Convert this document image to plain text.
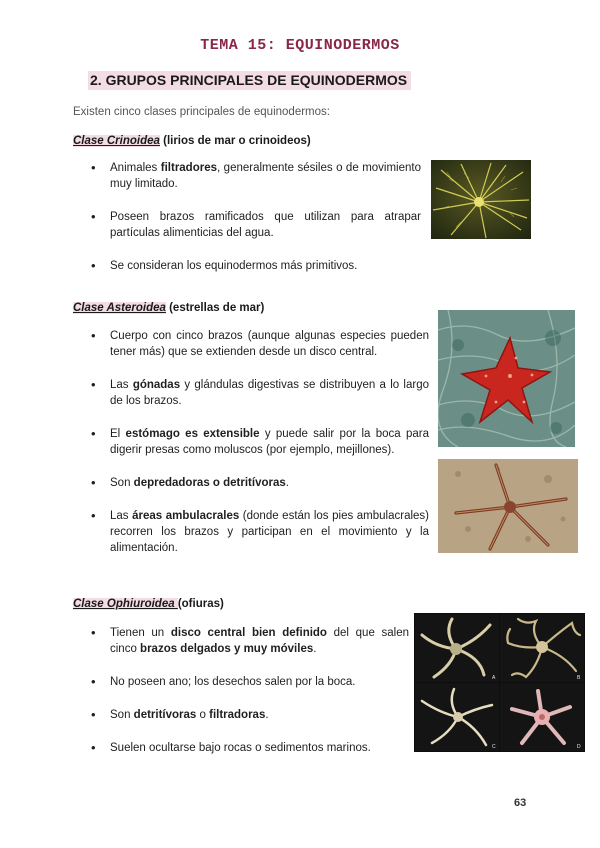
TEMA 15: EQUINODERMOS
2. GRUPOS PRINCIPALES DE EQUINODERMOS
Existen cinco clases principales de equinodermos:
Clase Crinoidea (lirios de mar o crinoideos)
• Animales filtradores, generalmente sésiles o de movimiento muy limitado.
• Poseen brazos ramificados que utilizan para atrapar partículas alimenticias del agua.
• Se consideran los equinodermos más primitivos.
Clase Asteroidea (estrellas de mar)
• Cuerpo con cinco brazos (aunque algunas especies pueden tener más) que se extienden desde un disco central.
• Las gónadas y glándulas digestivas se distribuyen a lo largo de los brazos.
• El estómago es extensible y puede salir por la boca para digerir presas como moluscos (por ejemplo, mejillones).
• Son depredadoras o detritívoras.
• Las áreas ambulacrales (donde están los pies ambulacrales) recorren los brazos y participan en el movimiento y la alimentación.
Clase Ophiuroidea (ofiuras)
• Tienen un disco central bien definido del que salen cinco brazos delgados y muy móviles.
• No poseen ano; los desechos salen por la boca.
• Son detritívoras o filtradoras.
• Suelen ocultarse bajo rocas o sedimentos marinos.
A	B
C	D
63
